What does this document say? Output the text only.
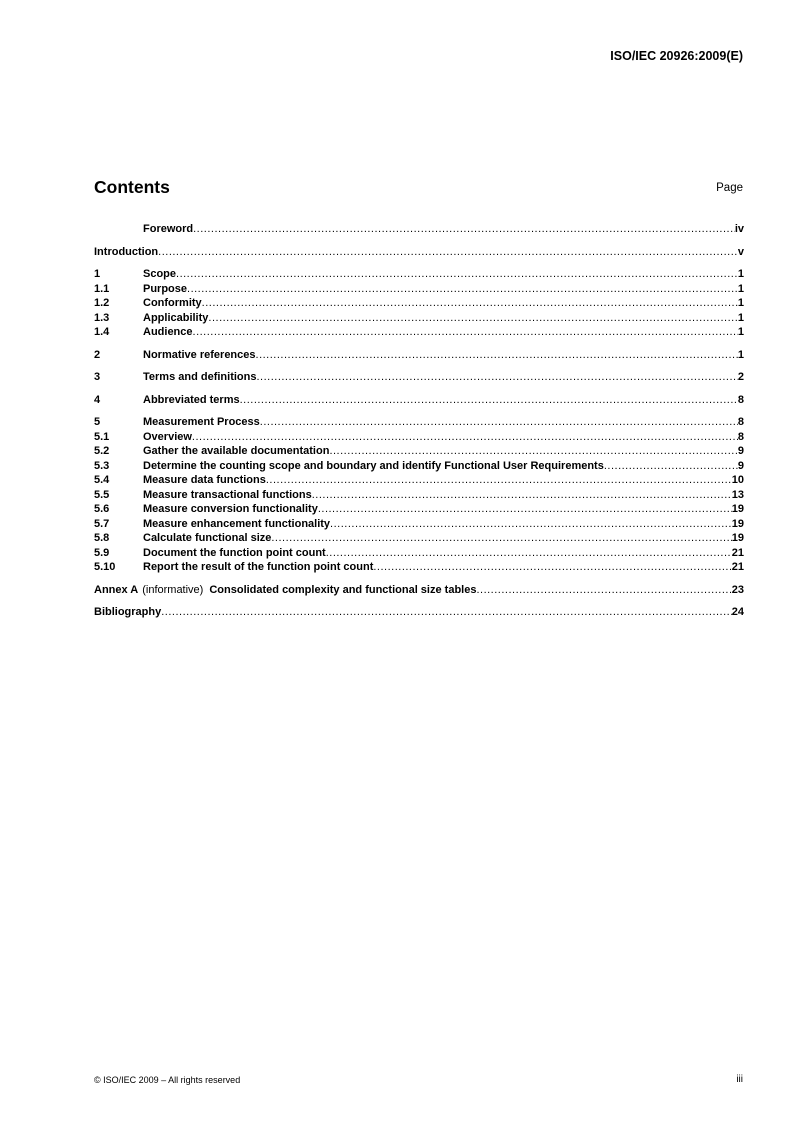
ISO/IEC 20926:2009(E)
Contents	Page
Foreword .....	iv
Introduction .....	v
1	Scope .....	1
1.1	Purpose .....	1
1.2	Conformity .....	1
1.3	Applicability .....	1
1.4	Audience .....	1
2	Normative references .....	1
3	Terms and definitions .....	2
4	Abbreviated terms .....	8
5	Measurement Process .....	8
5.1	Overview .....	8
5.2	Gather the available documentation .....	9
5.3	Determine the counting scope and boundary and identify Functional User Requirements .....	9
5.4	Measure data functions .....	10
5.5	Measure transactional functions .....	13
5.6	Measure conversion functionality .....	19
5.7	Measure enhancement functionality .....	19
5.8	Calculate functional size .....	19
5.9	Document the function point count .....	21
5.10	Report the result of the function point count .....	21
Annex A (informative) Consolidated complexity and functional size tables .....	23
Bibliography .....	24
© ISO/IEC 2009 – All rights reserved	iii
